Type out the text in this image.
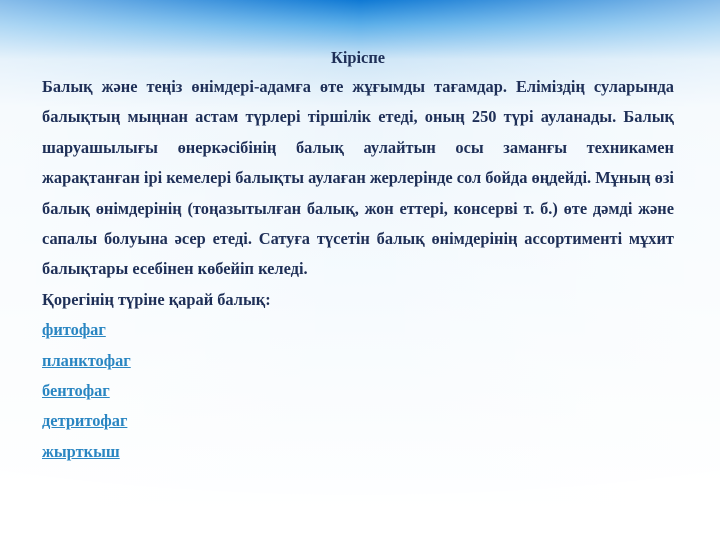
Кіріспе

Балық және теңіз өнімдері-адамға өте жұғымды тағамдар. Еліміздің суларында балықтың мыңнан астам түрлері тіршілік етеді, оның 250 түрі ауланады. Балық шаруашылығы өнеркәсібінің балық аулайтын осы заманғы техникамен жарақтанған ірі кемелері балықты аулаған жерлерінде сол бойда өңдейді. Мұның өзі балық өнімдерінің (тоңазытылған балық, жон еттері, консерві т. б.) өте дәмді және сапалы болуына әсер етеді. Сатуға түсетін балық өнімдерінің ассортименті мұхит балықтары есебінен көбейіп келеді.

Қорегінің түріне қарай балық:

фитофаг
планктофаг
бентофаг
детритофаг
жырткыш
